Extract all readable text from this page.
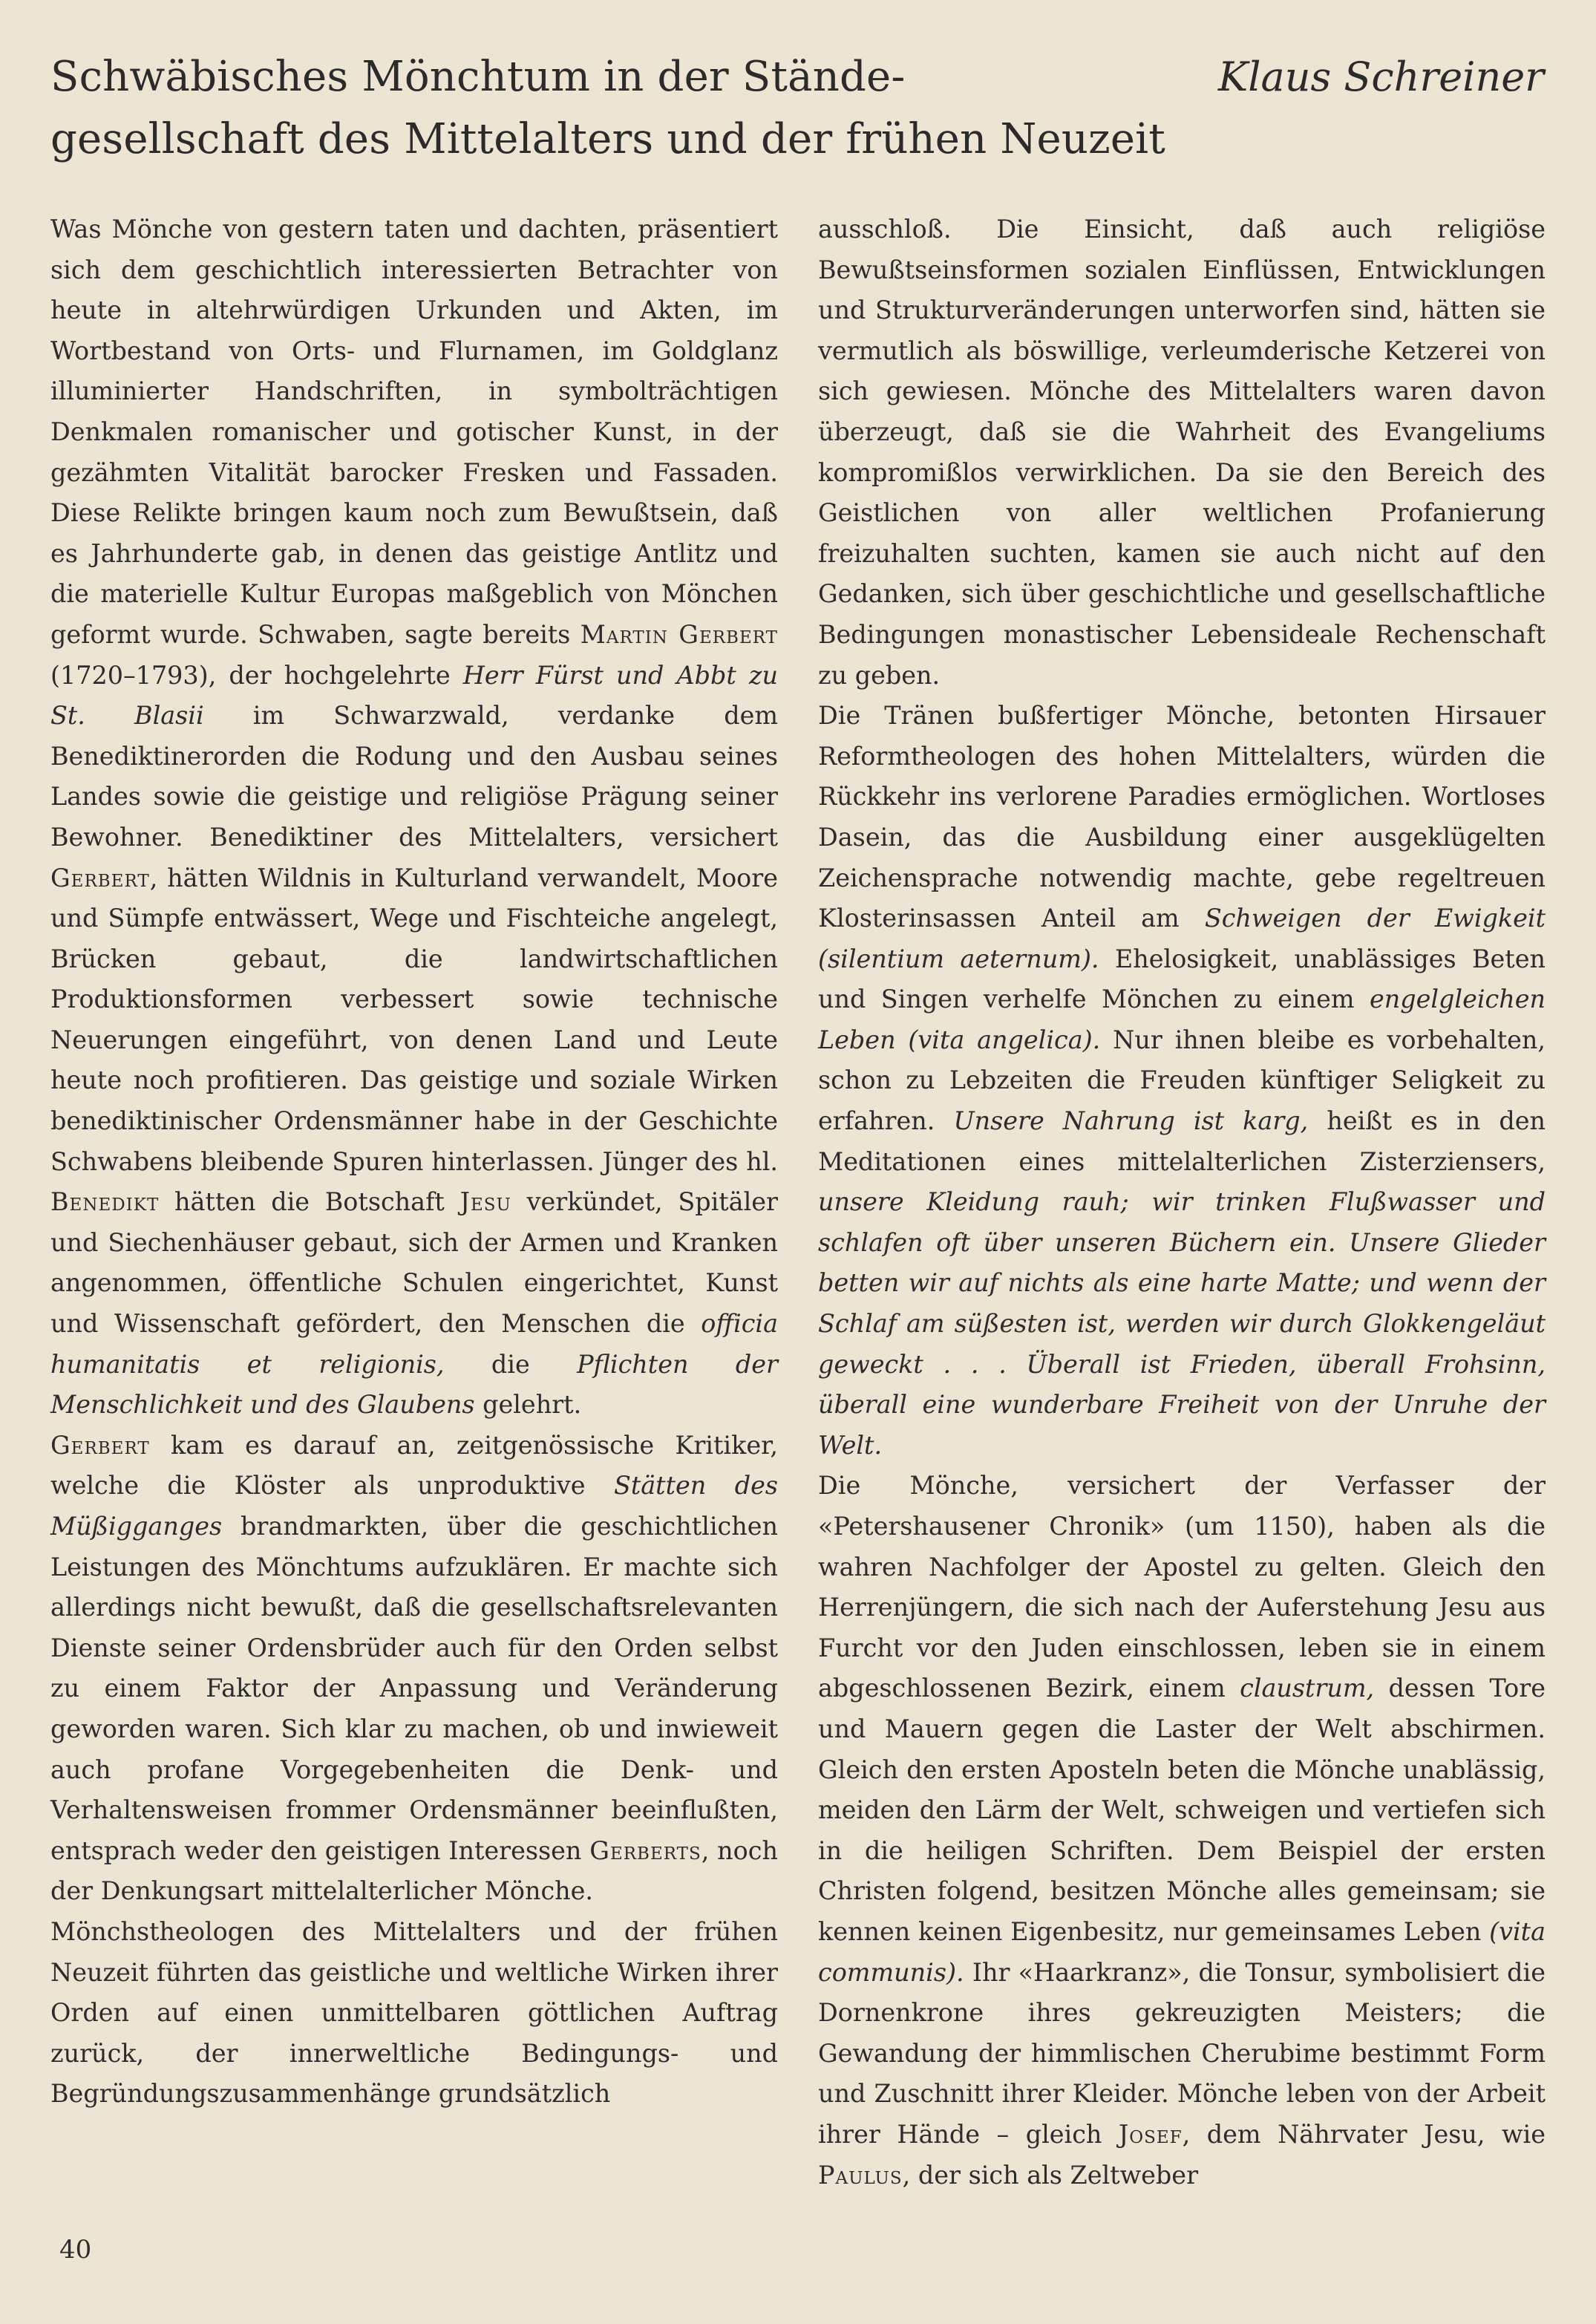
Schwäbisches Mönchtum in der Stände-
gesellschaft des Mittelalters und der frühen Neuzeit
Klaus Schreiner

Was Mönche von gestern taten und dachten, präsentiert sich dem geschichtlich interessierten Betrachter von heute in altehrwürdigen Urkunden und Akten, im Wortbestand von Orts- und Flurnamen, im Goldglanz illuminierter Handschriften, in symbolträchtigen Denkmalen romanischer und gotischer Kunst, in der gezähmten Vitalität barocker Fresken und Fassaden. Diese Relikte bringen kaum noch zum Bewußtsein, daß es Jahrhunderte gab, in denen das geistige Antlitz und die materielle Kultur Europas maßgeblich von Mönchen geformt wurde. Schwaben, sagte bereits Martin Gerbert (1720–1793), der hochgelehrte Herr Fürst und Abbt zu St. Blasii im Schwarzwald, verdanke dem Benediktinerorden die Rodung und den Ausbau seines Landes sowie die geistige und religiöse Prägung seiner Bewohner. Benediktiner des Mittelalters, versichert Gerbert, hätten Wildnis in Kulturland verwandelt, Moore und Sümpfe entwässert, Wege und Fischteiche angelegt, Brücken gebaut, die landwirtschaftlichen Produktionsformen verbessert sowie technische Neuerungen eingeführt, von denen Land und Leute heute noch profitieren. Das geistige und soziale Wirken benediktinischer Ordensmänner habe in der Geschichte Schwabens bleibende Spuren hinterlassen. Jünger des hl. Benedikt hätten die Botschaft Jesu verkündet, Spitäler und Siechenhäuser gebaut, sich der Armen und Kranken angenommen, öffentliche Schulen eingerichtet, Kunst und Wissenschaft gefördert, den Menschen die officia humanitatis et religionis, die Pflichten der Menschlichkeit und des Glaubens gelehrt.

Gerbert kam es darauf an, zeitgenössische Kritiker, welche die Klöster als unproduktive Stätten des Müßigganges brandmarkten, über die geschichtlichen Leistungen des Mönchtums aufzuklären. Er machte sich allerdings nicht bewußt, daß die gesellschaftsrelevanten Dienste seiner Ordensbrüder auch für den Orden selbst zu einem Faktor der Anpassung und Veränderung geworden waren. Sich klar zu machen, ob und inwieweit auch profane Vorgegebenheiten die Denk- und Verhaltensweisen frommer Ordensmänner beeinflußten, entsprach weder den geistigen Interessen Gerberts, noch der Denkungsart mittelalterlicher Mönche.

Mönchstheologen des Mittelalters und der frühen Neuzeit führten das geistliche und weltliche Wirken ihrer Orden auf einen unmittelbaren göttlichen Auftrag zurück, der innerweltliche Bedingungs- und Begründungszusammenhänge grundsätzlich

ausschloß. Die Einsicht, daß auch religiöse Bewußtseinsformen sozialen Einflüssen, Entwicklungen und Strukturveränderungen unterworfen sind, hätten sie vermutlich als böswillige, verleumderische Ketzerei von sich gewiesen. Mönche des Mittelalters waren davon überzeugt, daß sie die Wahrheit des Evangeliums kompromißlos verwirklichen. Da sie den Bereich des Geistlichen von aller weltlichen Profanierung freizuhalten suchten, kamen sie auch nicht auf den Gedanken, sich über geschichtliche und gesellschaftliche Bedingungen monastischer Lebensideale Rechenschaft zu geben.

Die Tränen bußfertiger Mönche, betonten Hirsauer Reformtheologen des hohen Mittelalters, würden die Rückkehr ins verlorene Paradies ermöglichen. Wortloses Dasein, das die Ausbildung einer ausgeklügelten Zeichensprache notwendig machte, gebe regeltreuen Klosterinsassen Anteil am Schweigen der Ewigkeit (silentium aeternum). Ehelosigkeit, unablässiges Beten und Singen verhelfe Mönchen zu einem engelgleichen Leben (vita angelica). Nur ihnen bleibe es vorbehalten, schon zu Lebzeiten die Freuden künftiger Seligkeit zu erfahren. Unsere Nahrung ist karg, heißt es in den Meditationen eines mittelalterlichen Zisterziensers, unsere Kleidung rauh; wir trinken Flußwasser und schlafen oft über unseren Büchern ein. Unsere Glieder betten wir auf nichts als eine harte Matte; und wenn der Schlaf am süßesten ist, werden wir durch Glokkengeläut geweckt . . . Überall ist Frieden, überall Frohsinn, überall eine wunderbare Freiheit von der Unruhe der Welt.

Die Mönche, versichert der Verfasser der «Petershausener Chronik» (um 1150), haben als die wahren Nachfolger der Apostel zu gelten. Gleich den Herrenjüngern, die sich nach der Auferstehung Jesu aus Furcht vor den Juden einschlossen, leben sie in einem abgeschlossenen Bezirk, einem claustrum, dessen Tore und Mauern gegen die Laster der Welt abschirmen. Gleich den ersten Aposteln beten die Mönche unablässig, meiden den Lärm der Welt, schweigen und vertiefen sich in die heiligen Schriften. Dem Beispiel der ersten Christen folgend, besitzen Mönche alles gemeinsam; sie kennen keinen Eigenbesitz, nur gemeinsames Leben (vita communis). Ihr «Haarkranz», die Tonsur, symbolisiert die Dornenkrone ihres gekreuzigten Meisters; die Gewandung der himmlischen Cherubime bestimmt Form und Zuschnitt ihrer Kleider. Mönche leben von der Arbeit ihrer Hände – gleich Josef, dem Nährvater Jesu, wie Paulus, der sich als Zeltweber

40
